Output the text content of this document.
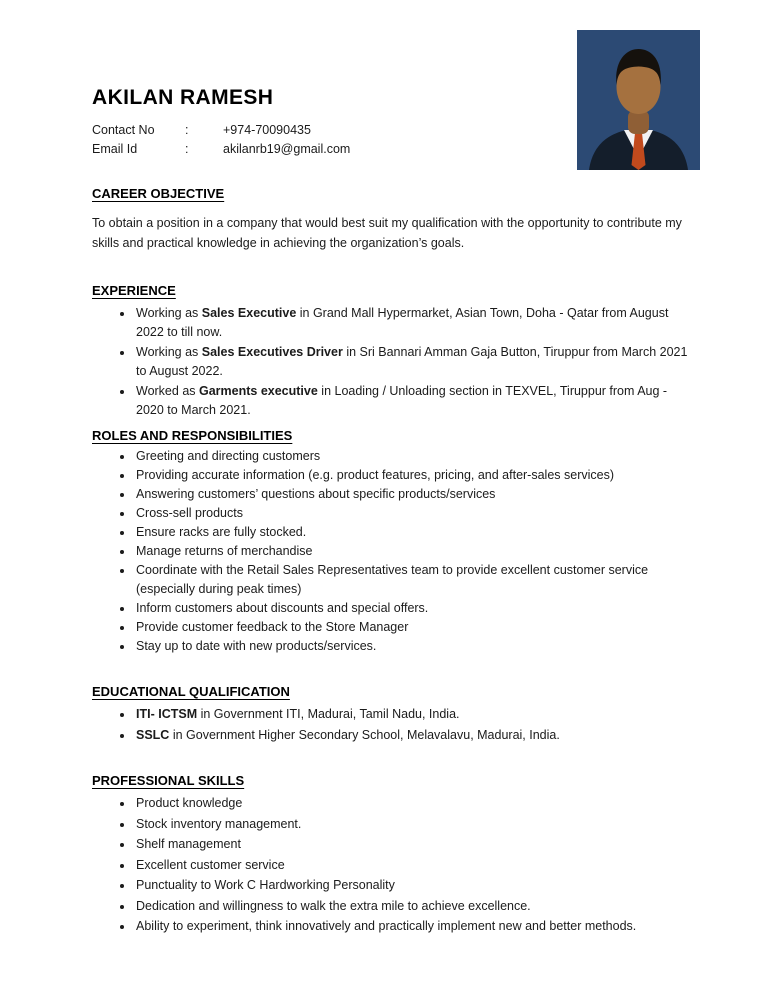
AKILAN RAMESH
Contact No	:	+974-70090435
Email Id	:	akilanrb19@gmail.com
CAREER OBJECTIVE

To obtain a position in a company that would best suit my qualification with the opportunity to contribute my skills and practical knowledge in achieving the organization’s goals.

EXPERIENCE
• Working as Sales Executive in Grand Mall Hypermarket, Asian Town, Doha - Qatar from August 2022 to till now.
• Working as Sales Executives Driver in Sri Bannari Amman Gaja Button, Tiruppur from March 2021 to August 2022.
• Worked as Garments executive in Loading / Unloading section in TEXVEL, Tiruppur from Aug - 2020 to March 2021.
ROLES AND RESPONSIBILITIES
• Greeting and directing customers
• Providing accurate information (e.g. product features, pricing, and after-sales services)
• Answering customers’ questions about specific products/services
• Cross-sell products
• Ensure racks are fully stocked.
• Manage returns of merchandise
• Coordinate with the Retail Sales Representatives team to provide excellent customer service (especially during peak times)
• Inform customers about discounts and special offers.
• Provide customer feedback to the Store Manager
• Stay up to date with new products/services.
EDUCATIONAL QUALIFICATION
• ITI- ICTSM in Government ITI, Madurai, Tamil Nadu, India.
• SSLC in Government Higher Secondary School, Melavalavu, Madurai, India.
PROFESSIONAL SKILLS
• Product knowledge
• Stock inventory management.
• Shelf management
• Excellent customer service
• Punctuality to Work C Hardworking Personality
• Dedication and willingness to walk the extra mile to achieve excellence.
• Ability to experiment, think innovatively and practically implement new and better methods.
